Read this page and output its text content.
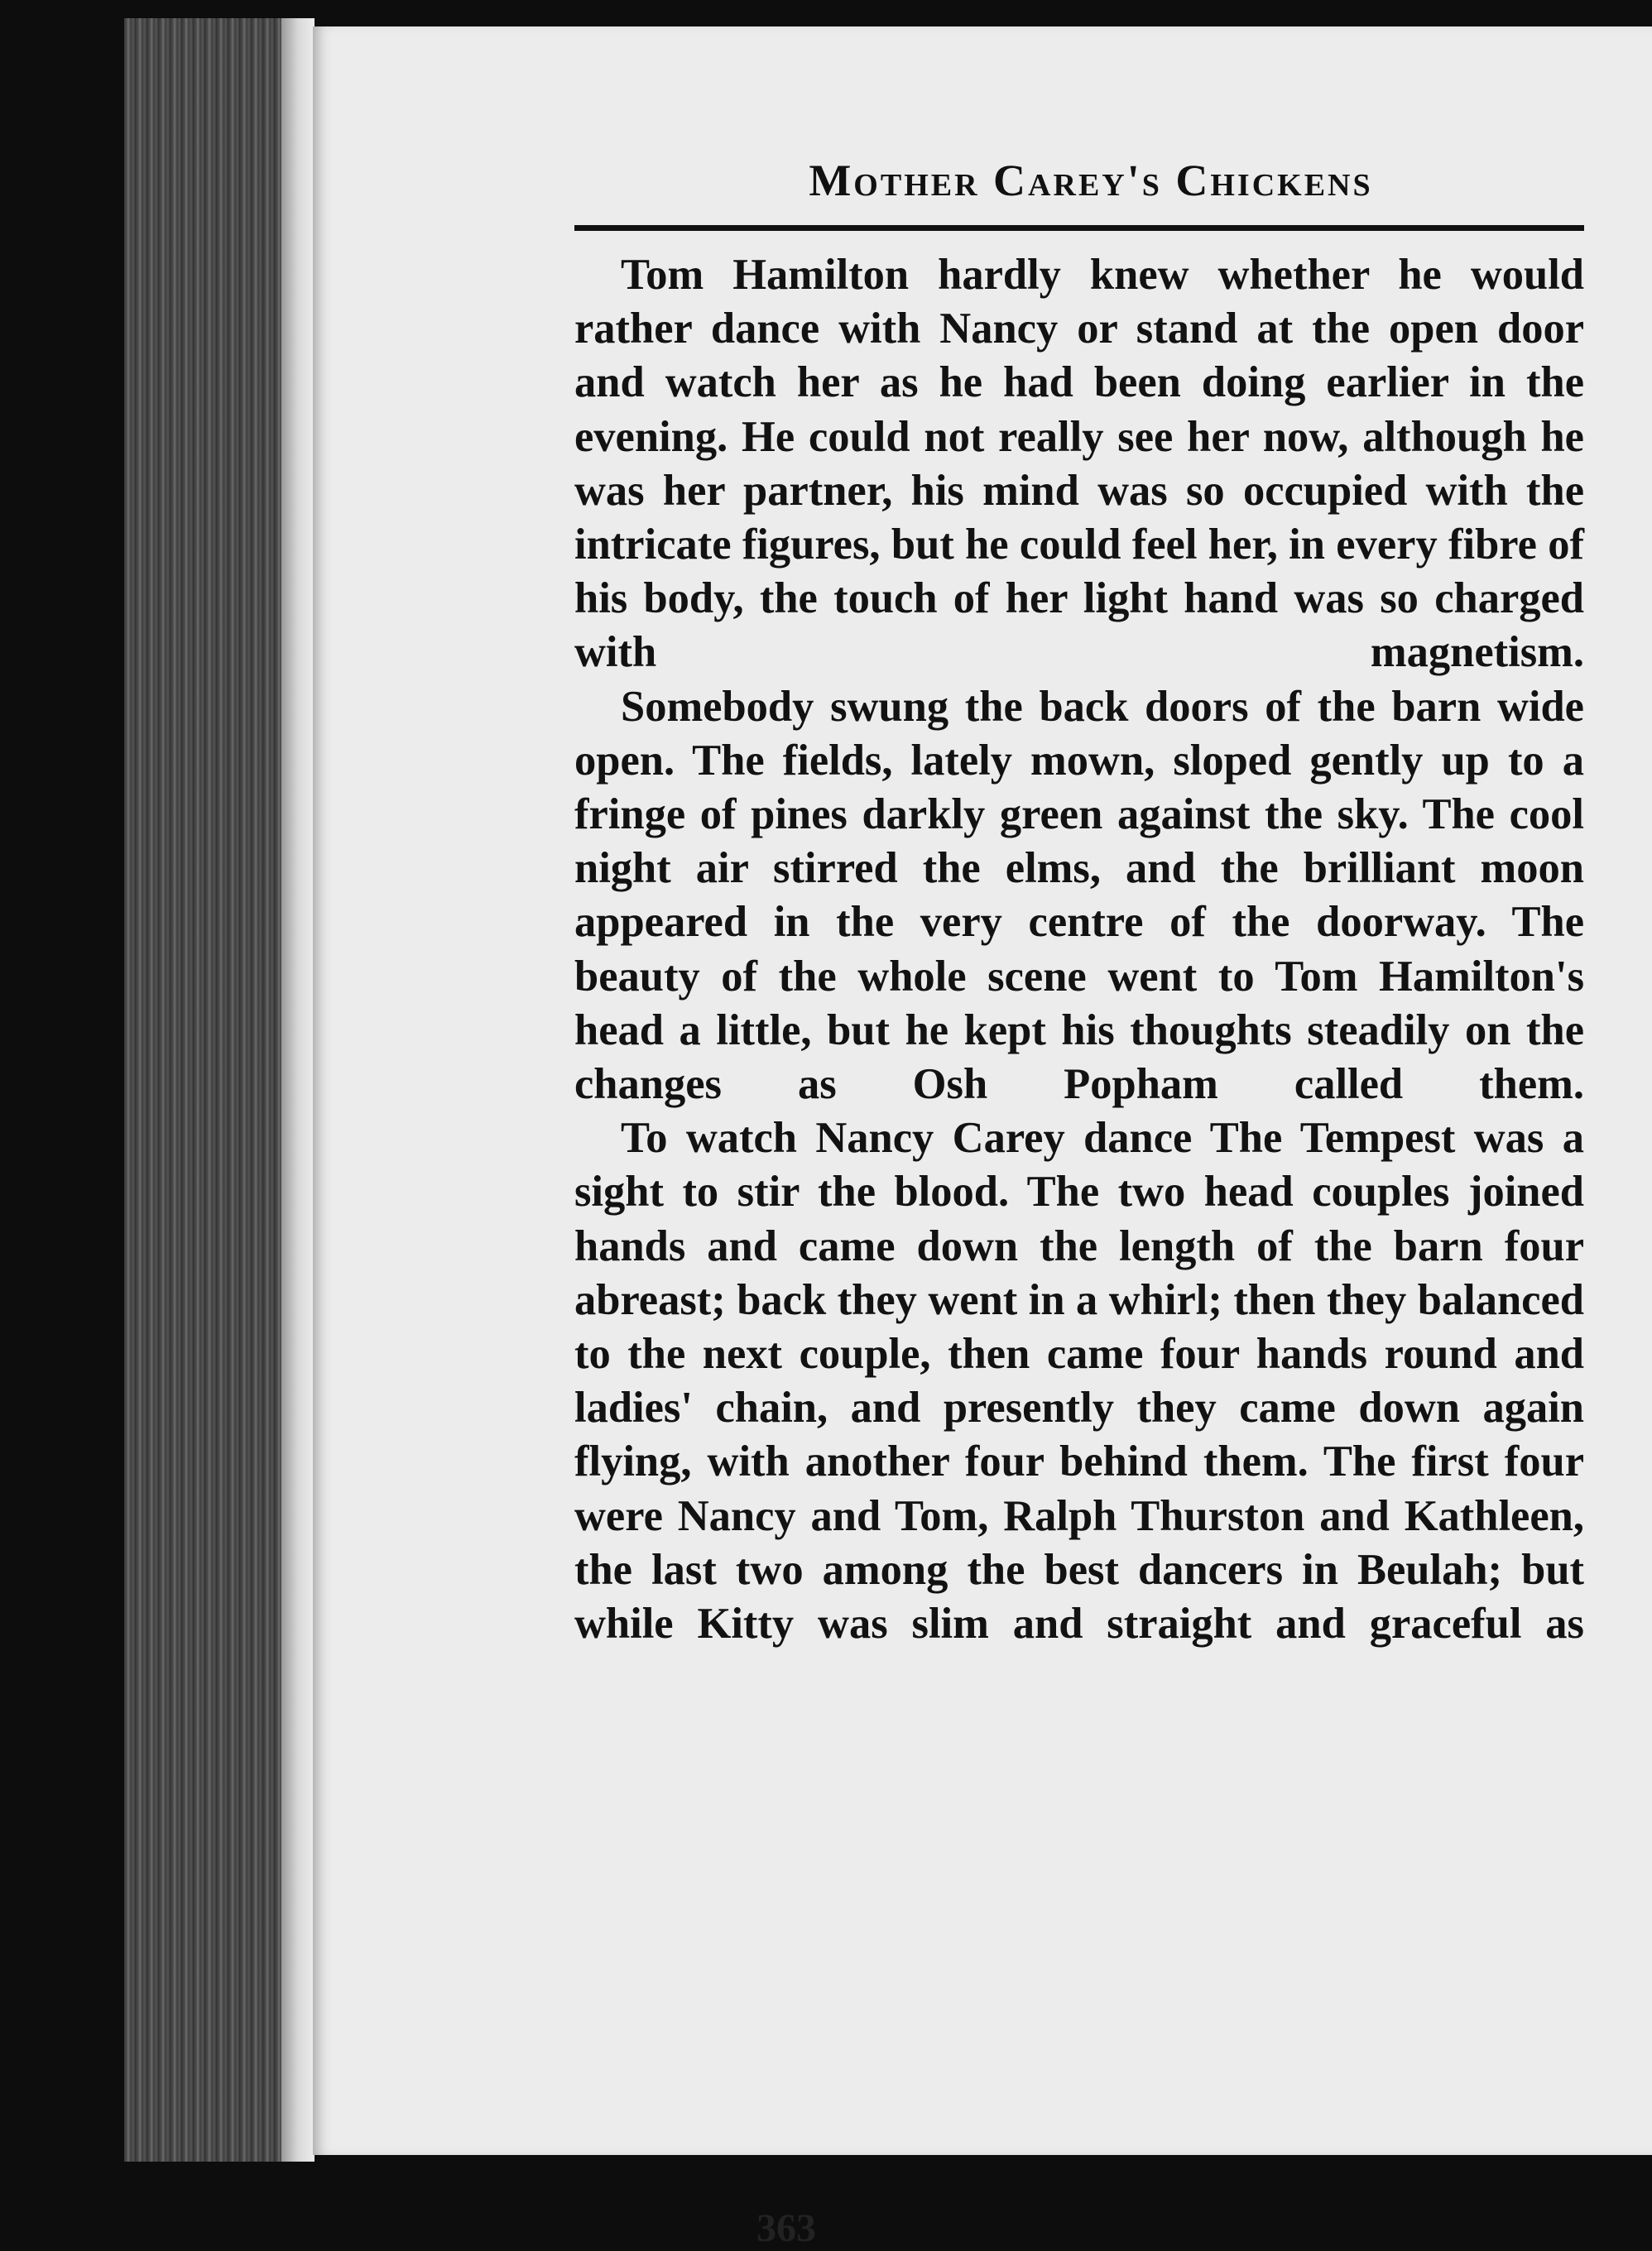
Mother Carey's Chickens

Tom Hamilton hardly knew whether he would rather dance with Nancy or stand at the open door and watch her as he had been doing earlier in the evening. He could not really see her now, although he was her partner, his mind was so occupied with the intricate figures, but he could feel her, in every fibre of his body, the touch of her light hand was so charged with magnetism.

Somebody swung the back doors of the barn wide open. The fields, lately mown, sloped gently up to a fringe of pines darkly green against the sky. The cool night air stirred the elms, and the brilliant moon appeared in the very centre of the doorway. The beauty of the whole scene went to Tom Hamilton's head a little, but he kept his thoughts steadily on the changes as Osh Popham called them.

To watch Nancy Carey dance The Tempest was a sight to stir the blood. The two head couples joined hands and came down the length of the barn four abreast; back they went in a whirl; then they balanced to the next couple, then came four hands round and ladies' chain, and presently they came down again flying, with another four behind them. The first four were Nancy and Tom, Ralph Thurston and Kathleen, the last two among the best dancers in Beulah; but while Kitty was slim and straight and graceful as

363
